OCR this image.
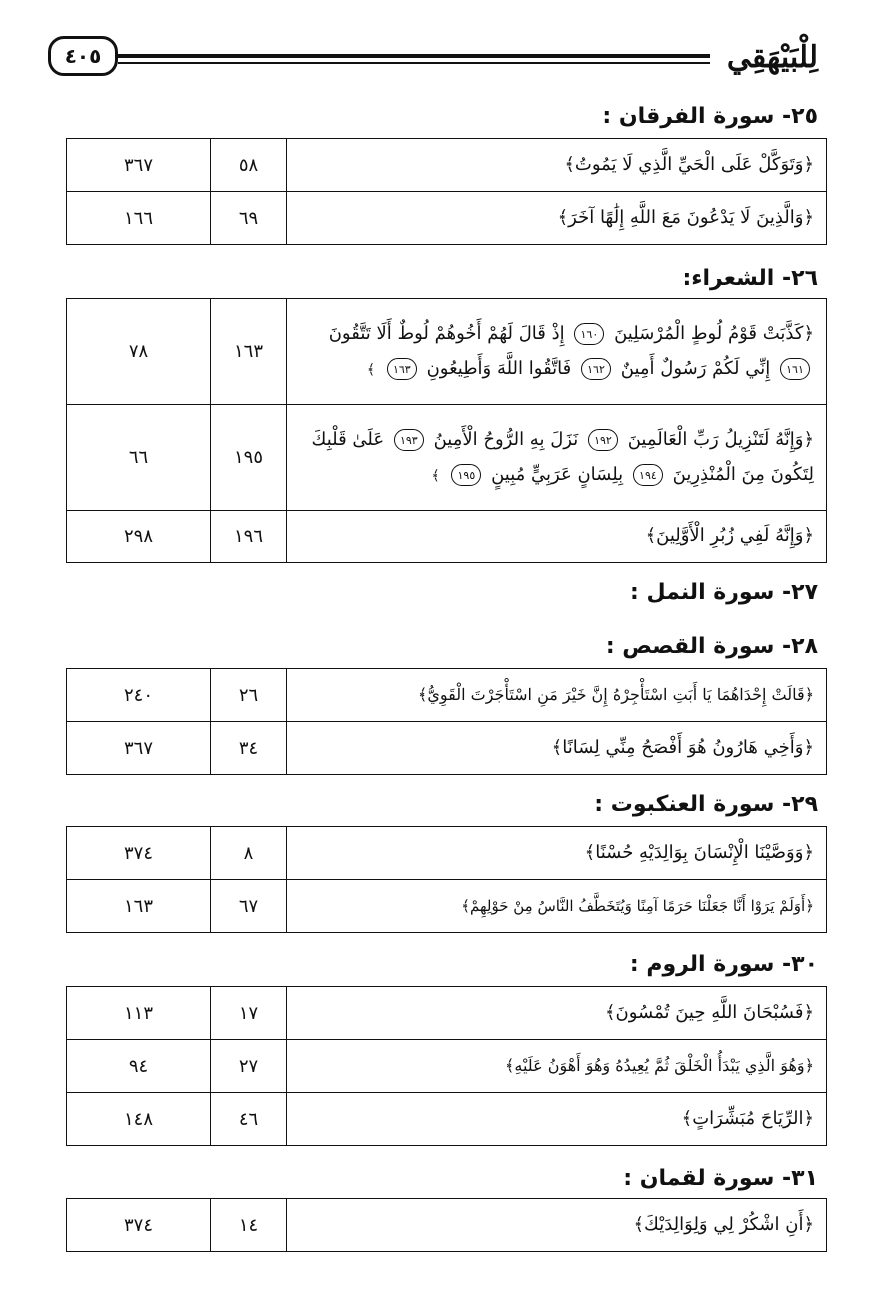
لِلْبَيْهَقِي
٤٠٥
٢٥- سورة الفرقان :
﴿وَتَوَكَّلْ عَلَى الْحَيِّ الَّذِي لَا يَمُوتُ﴾	٥٨	٣٦٧
﴿وَالَّذِينَ لَا يَدْعُونَ مَعَ اللَّهِ إِلَٰهًا آخَرَ﴾	٦٩	١٦٦
٢٦- الشعراء:
﴿كَذَّبَتْ قَوْمُ لُوطٍ الْمُرْسَلِينَ ١٦٠ إِذْ قَالَ لَهُمْ أَخُوهُمْ لُوطٌ أَلَا تَتَّقُونَ ١٦١ إِنِّي لَكُمْ رَسُولٌ أَمِينٌ ١٦٢ فَاتَّقُوا اللَّهَ وَأَطِيعُونِ ١٦٣ ﴾	١٦٣	٧٨
﴿وَإِنَّهُ لَتَنْزِيلُ رَبِّ الْعَالَمِينَ ١٩٢ نَزَلَ بِهِ الرُّوحُ الْأَمِينُ ١٩٣ عَلَىٰ قَلْبِكَ لِتَكُونَ مِنَ الْمُنْذِرِينَ ١٩٤ بِلِسَانٍ عَرَبِيٍّ مُبِينٍ ١٩٥ ﴾	١٩٥	٦٦
﴿وَإِنَّهُ لَفِي زُبُرِ الْأَوَّلِينَ﴾	١٩٦	٢٩٨
٢٧- سورة النمل :
٢٨- سورة القصص :
﴿قَالَتْ إِحْدَاهُمَا يَا أَبَتِ اسْتَأْجِرْهُ إِنَّ خَيْرَ مَنِ اسْتَأْجَرْتَ الْقَوِيُّ﴾	٢٦	٢٤٠
﴿وَأَخِي هَارُونُ هُوَ أَفْصَحُ مِنِّي لِسَانًا﴾	٣٤	٣٦٧
٢٩- سورة العنكبوت :
﴿وَوَصَّيْنَا الْإِنْسَانَ بِوَالِدَيْهِ حُسْنًا﴾	٨	٣٧٤
﴿أَوَلَمْ يَرَوْا أَنَّا جَعَلْنَا حَرَمًا آمِنًا وَيُتَخَطَّفُ النَّاسُ مِنْ حَوْلِهِمْ﴾	٦٧	١٦٣
٣٠- سورة الروم :
﴿فَسُبْحَانَ اللَّهِ حِينَ تُمْسُونَ﴾	١٧	١١٣
﴿وَهُوَ الَّذِي يَبْدَأُ الْخَلْقَ ثُمَّ يُعِيدُهُ وَهُوَ أَهْوَنُ عَلَيْهِ﴾	٢٧	٩٤
﴿الرِّيَاحَ مُبَشِّرَاتٍ﴾	٤٦	١٤٨
٣١- سورة لقمان :
﴿أَنِ اشْكُرْ لِي وَلِوَالِدَيْكَ﴾	١٤	٣٧٤
